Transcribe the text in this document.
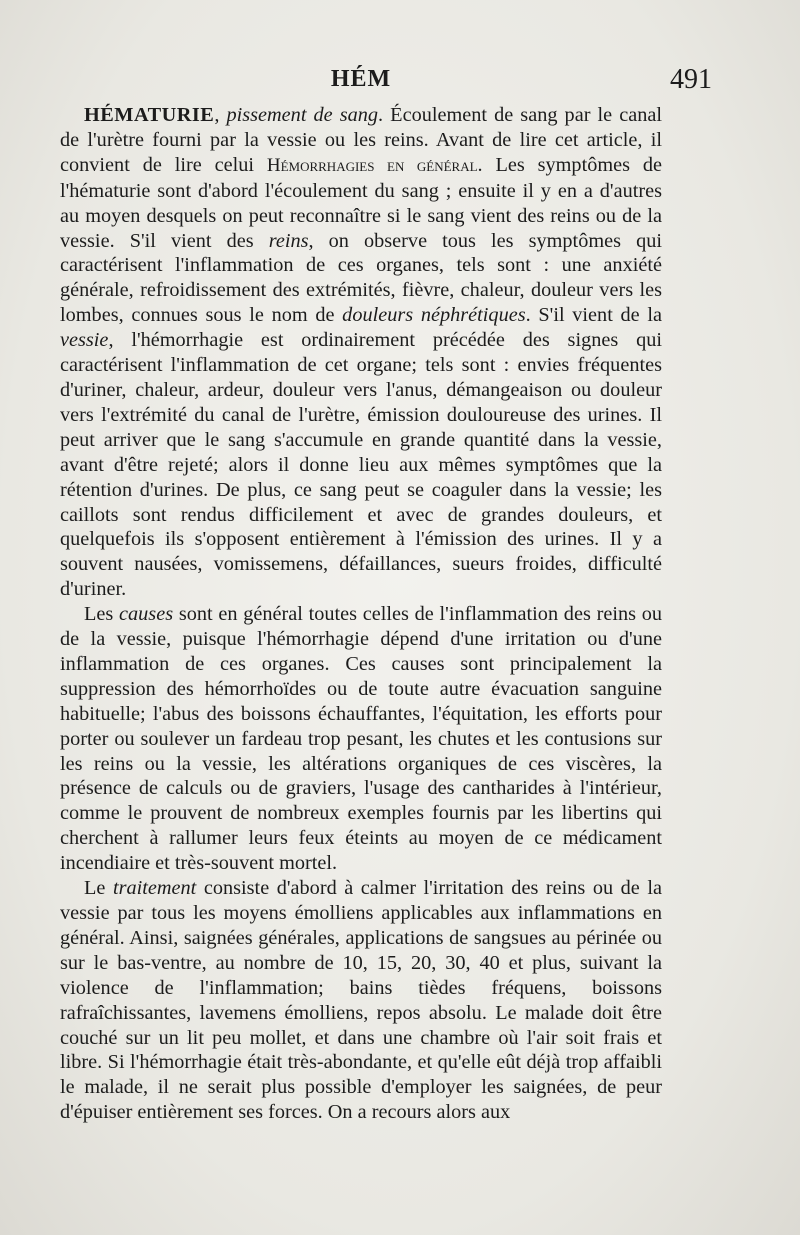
HÉM	491

HÉMATURIE, pissement de sang. Écoulement de sang par le canal de l'urètre fourni par la vessie ou les reins. Avant de lire cet article, il convient de lire celui Hémorrhagies en général. Les symptômes de l'hématurie sont d'abord l'écoulement du sang ; ensuite il y en a d'autres au moyen desquels on peut reconnaître si le sang vient des reins ou de la vessie. S'il vient des reins, on observe tous les symptômes qui caractérisent l'inflammation de ces organes, tels sont : une anxiété générale, refroidissement des extrémités, fièvre, chaleur, douleur vers les lombes, connues sous le nom de douleurs néphrétiques. S'il vient de la vessie, l'hémorrhagie est ordinairement précédée des signes qui caractérisent l'inflammation de cet organe; tels sont : envies fréquentes d'uriner, chaleur, ardeur, douleur vers l'anus, démangeaison ou douleur vers l'extrémité du canal de l'urètre, émission douloureuse des urines. Il peut arriver que le sang s'accumule en grande quantité dans la vessie, avant d'être rejeté; alors il donne lieu aux mêmes symptômes que la rétention d'urines. De plus, ce sang peut se coaguler dans la vessie; les caillots sont rendus difficilement et avec de grandes douleurs, et quelquefois ils s'opposent entièrement à l'émission des urines. Il y a souvent nausées, vomissemens, défaillances, sueurs froides, difficulté d'uriner.

Les causes sont en général toutes celles de l'inflammation des reins ou de la vessie, puisque l'hémorrhagie dépend d'une irritation ou d'une inflammation de ces organes. Ces causes sont principalement la suppression des hémorrhoïdes ou de toute autre évacuation sanguine habituelle; l'abus des boissons échauffantes, l'équitation, les efforts pour porter ou soulever un fardeau trop pesant, les chutes et les contusions sur les reins ou la vessie, les altérations organiques de ces viscères, la présence de calculs ou de graviers, l'usage des cantharides à l'intérieur, comme le prouvent de nombreux exemples fournis par les libertins qui cherchent à rallumer leurs feux éteints au moyen de ce médicament incendiaire et très-souvent mortel.

Le traitement consiste d'abord à calmer l'irritation des reins ou de la vessie par tous les moyens émolliens applicables aux inflammations en général. Ainsi, saignées générales, applications de sangsues au périnée ou sur le bas-ventre, au nombre de 10, 15, 20, 30, 40 et plus, suivant la violence de l'inflammation; bains tièdes fréquens, boissons rafraîchissantes, lavemens émolliens, repos absolu. Le malade doit être couché sur un lit peu mollet, et dans une chambre où l'air soit frais et libre. Si l'hémorrhagie était très-abondante, et qu'elle eût déjà trop affaibli le malade, il ne serait plus possible d'employer les saignées, de peur d'épuiser entièrement ses forces. On a recours alors aux
